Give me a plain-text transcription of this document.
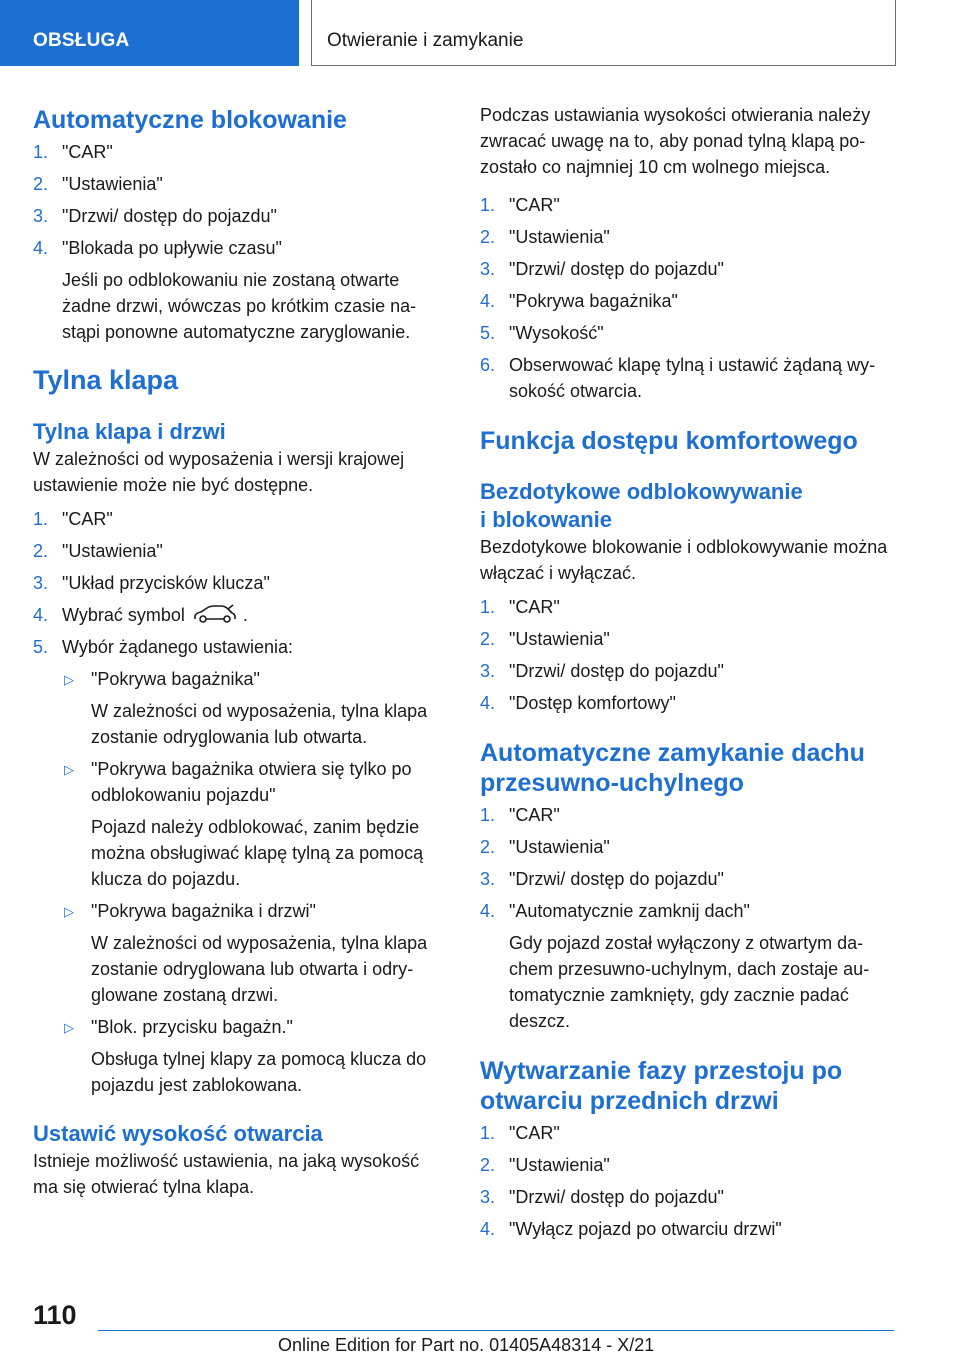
OBSŁUGA	Otwieranie i zamykanie
Automatyczne blokowanie
1. "CAR"
2. "Ustawienia"
3. "Drzwi/ dostęp do pojazdu"
4. "Blokada po upływie czasu"
Jeśli po odblokowaniu nie zostaną otwarte żadne drzwi, wówczas po krótkim czasie nastąpi ponowne automatyczne zaryglowanie.
Tylna klapa
Tylna klapa i drzwi
W zależności od wyposażenia i wersji krajowej ustawienie może nie być dostępne.
1. "CAR"
2. "Ustawienia"
3. "Układ przycisków klucza"
4. Wybrać symbol	.
5. Wybór żądanego ustawienia:
▷ "Pokrywa bagażnika"
W zależności od wyposażenia, tylna klapa zostanie odryglowania lub otwarta.
▷ "Pokrywa bagażnika otwiera się tylko po odblokowaniu pojazdu"
Pojazd należy odblokować, zanim będzie można obsługiwać klapę tylną za pomocą klucza do pojazdu.
▷ "Pokrywa bagażnika i drzwi"
W zależności od wyposażenia, tylna klapa zostanie odryglowana lub otwarta i odryglowane zostaną drzwi.
▷ "Blok. przycisku bagażn."
Obsługa tylnej klapy za pomocą klucza do pojazdu jest zablokowana.
Ustawić wysokość otwarcia
Istnieje możliwość ustawienia, na jaką wysokość ma się otwierać tylna klapa.
Podczas ustawiania wysokości otwierania należy zwracać uwagę na to, aby ponad tylną klapą pozostało co najmniej 10 cm wolnego miejsca.
1. "CAR"
2. "Ustawienia"
3. "Drzwi/ dostęp do pojazdu"
4. "Pokrywa bagażnika"
5. "Wysokość"
6. Obserwować klapę tylną i ustawić żądaną wysokość otwarcia.
Funkcja dostępu komfortowego
Bezdotykowe odblokowywanie
i blokowanie
Bezdotykowe blokowanie i odblokowywanie można włączać i wyłączać.
1. "CAR"
2. "Ustawienia"
3. "Drzwi/ dostęp do pojazdu"
4. "Dostęp komfortowy"
Automatyczne zamykanie dachu
przesuwno-uchylnego
1. "CAR"
2. "Ustawienia"
3. "Drzwi/ dostęp do pojazdu"
4. "Automatycznie zamknij dach"
Gdy pojazd został wyłączony z otwartym dachem przesuwno-uchylnym, dach zostaje automatycznie zamknięty, gdy zacznie padać deszcz.
Wytwarzanie fazy przestoju po
otwarciu przednich drzwi
1. "CAR"
2. "Ustawienia"
3. "Drzwi/ dostęp do pojazdu"
4. "Wyłącz pojazd po otwarciu drzwi"
110
Online Edition for Part no. 01405A48314 - X/21
